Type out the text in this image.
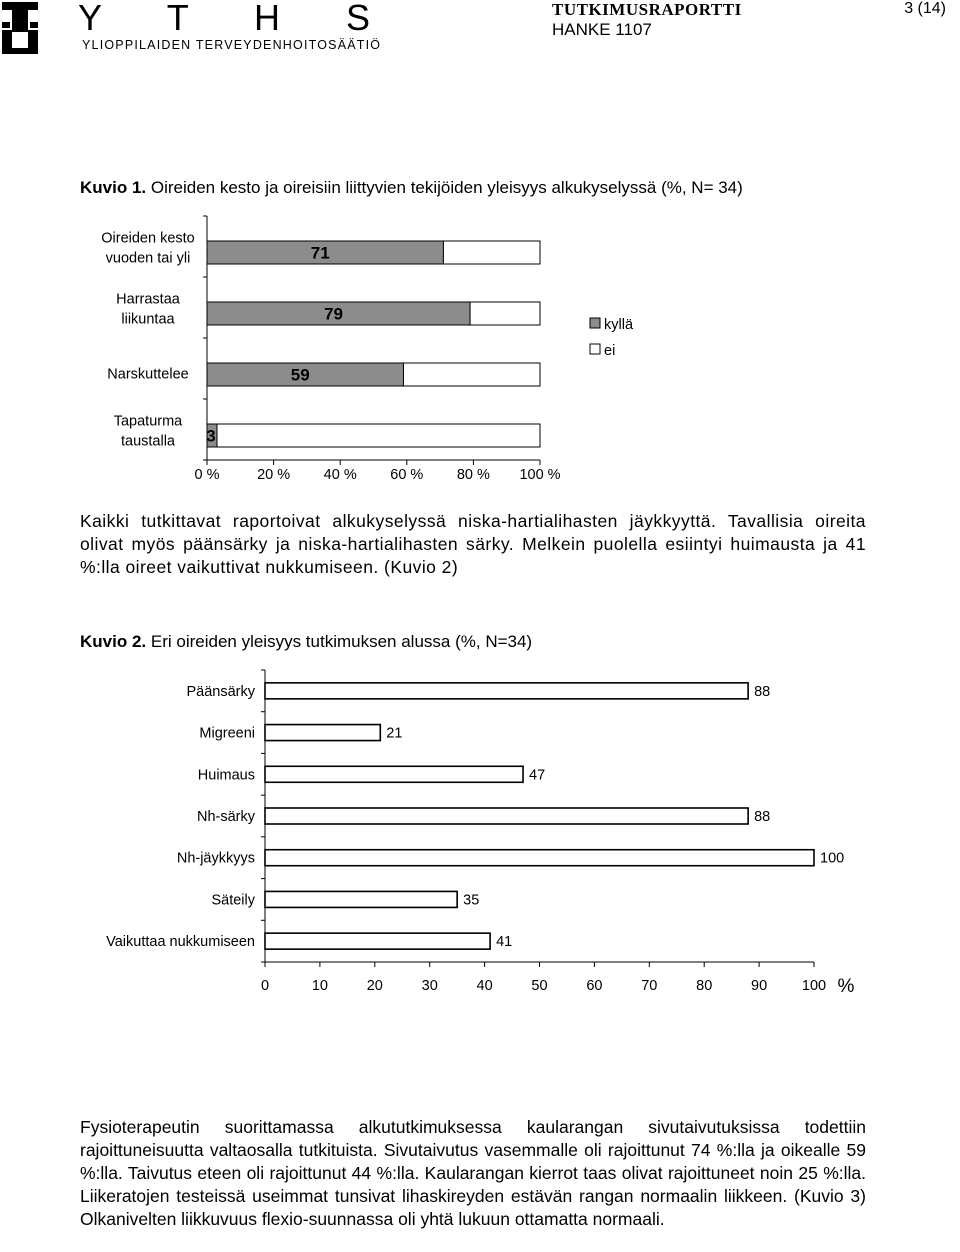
Y T H S
YLIOPPILAIDEN TERVEYDENHOITOSÄÄTIÖ
TUTKIMUSRAPORTTI
HANKE 1107
3 (14)
Kuvio 1. Oireiden kesto ja oireisiin liittyvien tekijöiden yleisyys alkukyselyssä (%, N= 34)
71
Oireiden kesto
vuoden tai yli
79
Harrastaa
liikuntaa
59
Narskuttelee
3
Tapaturma
taustalla
0 %	20 % 40 % 60 % 80 % 100 %
kyllä
ei
Kaikki tutkittavat raportoivat alkukyselyssä niska-hartialihasten jäykkyyttä. Tavallisia oireita olivat myös päänsärky ja niska-hartialihasten särky. Melkein puolella esiintyi huimausta ja 41 %:lla oireet vaikuttivat nukkumiseen. (Kuvio 2)
Kuvio 2. Eri oireiden yleisyys tutkimuksen alussa (%, N=34)
Päänsärky	88
Migreeni	21
Huimaus	47
Nh-särky	88
Nh-jäykkyys	100
Säteily	35
Vaikuttaa nukkumiseen	41
0	10	20	30	40	50	60	70	80	90 100 %
Fysioterapeutin suorittamassa alkututkimuksessa kaularangan sivutaivutuksissa todettiin rajoittuneisuutta valtaosalla tutkituista. Sivutaivutus vasemmalle oli rajoittunut 74 %:lla ja oikealle 59 %:lla. Taivutus eteen oli rajoittunut 44 %:lla. Kaularangan kierrot taas olivat rajoittuneet noin 25 %:lla. Liikeratojen testeissä useimmat tunsivat lihaskireyden estävän rangan normaalin liikkeen. (Kuvio 3) Olkanivelten liikkuvuus flexio-suunnassa oli yhtä lukuun ottamatta normaali.
